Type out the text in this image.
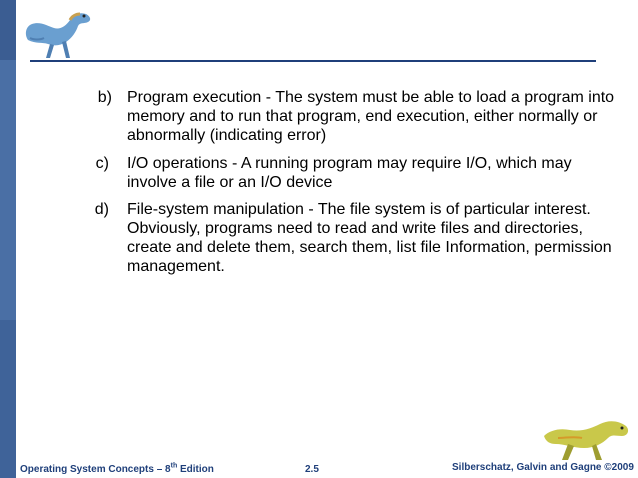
b) Program execution - The system must be able to load a program into
memory and to run that program, end execution, either normally or
abnormally (indicating error)
c) I/O operations - A running program may require I/O, which may
involve a file or an I/O device
d) File-system manipulation - The file system is of particular interest.
Obviously, programs need to read and write files and directories,
create and delete them, search them, list file Information, permission
management.
Operating System Concepts – 8th Edition	2.5	Silberschatz, Galvin and Gagne ©2009
